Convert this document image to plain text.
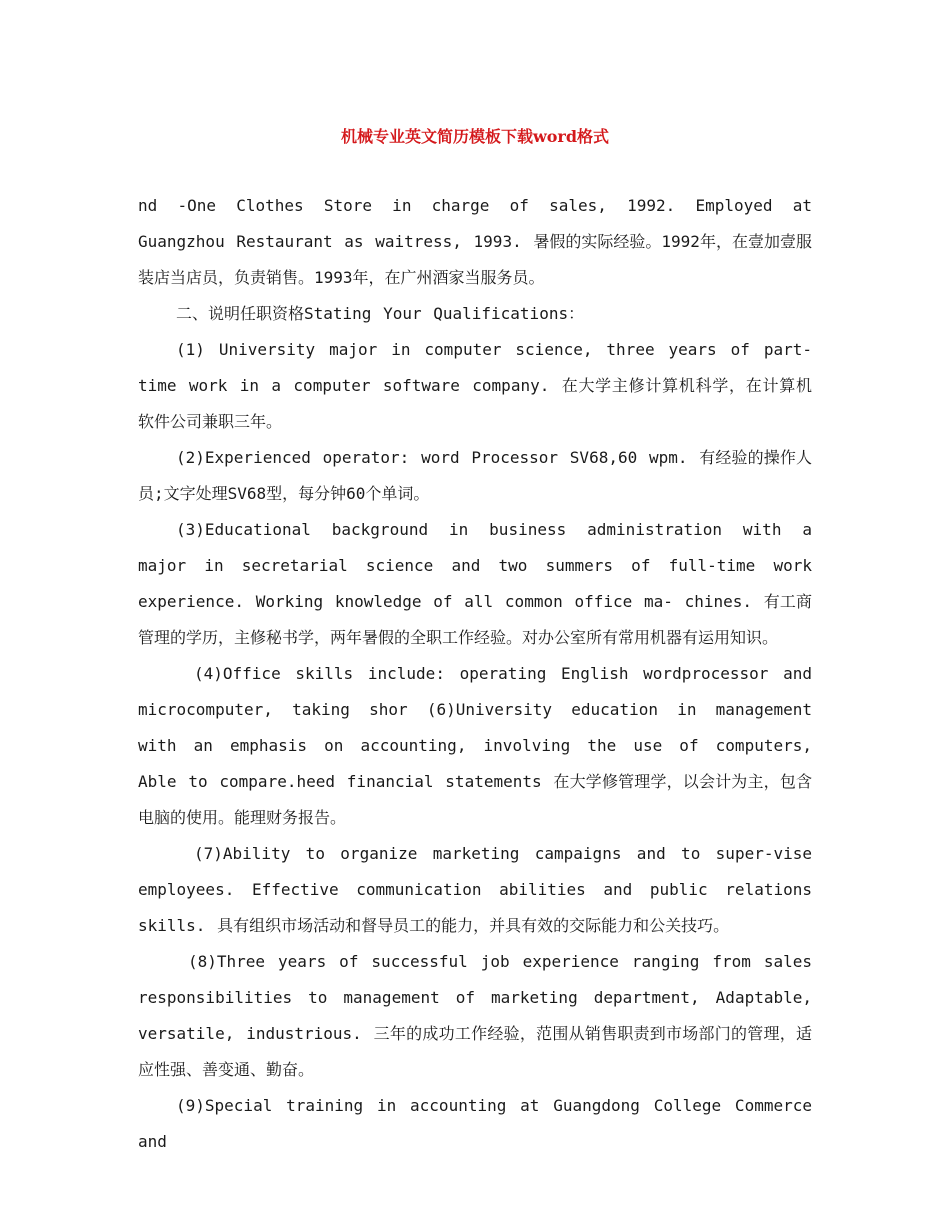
机械专业英文简历模板下载word格式

nd -One Clothes Store in charge of sales, 1992. Employed at Guangzhou Restaurant as waitress, 1993. 暑假的实际经验。1992年，在壹加壹服装店当店员，负责销售。1993年，在广州酒家当服务员。

二、说明任职资格Stating Your Qualifications：

(1) University major in computer science, three years of part- time work in a computer software company. 在大学主修计算机科学，在计算机软件公司兼职三年。

(2)Experienced operator: word Processor SV68,60 wpm. 有经验的操作人员;文字处理SV68型，每分钟60个单词。

(3)Educational background in business administration with a major in secretarial science and two summers of full-time work experience. Working knowledge of all common office ma- chines. 有工商管理的学历，主修秘书学，两年暑假的全职工作经验。对办公室所有常用机器有运用知识。

(4)Office skills include: operating English wordprocessor and microcomputer, taking shor (6)University education in management with an emphasis on accounting, involving the use of computers, Able to compare.heed financial statements 在大学修管理学，以会计为主，包含电脑的使用。能理财务报告。

(7)Ability to organize marketing campaigns and to super-vise employees. Effective communication abilities and public relations skills. 具有组织市场活动和督导员工的能力，并具有效的交际能力和公关技巧。

(8)Three years of successful job experience ranging from sales responsibilities to management of marketing department, Adaptable, versatile, industrious. 三年的成功工作经验，范围从销售职责到市场部门的管理，适应性强、善变通、勤奋。

(9)Special training in accounting at Guangdong College Commerce and
